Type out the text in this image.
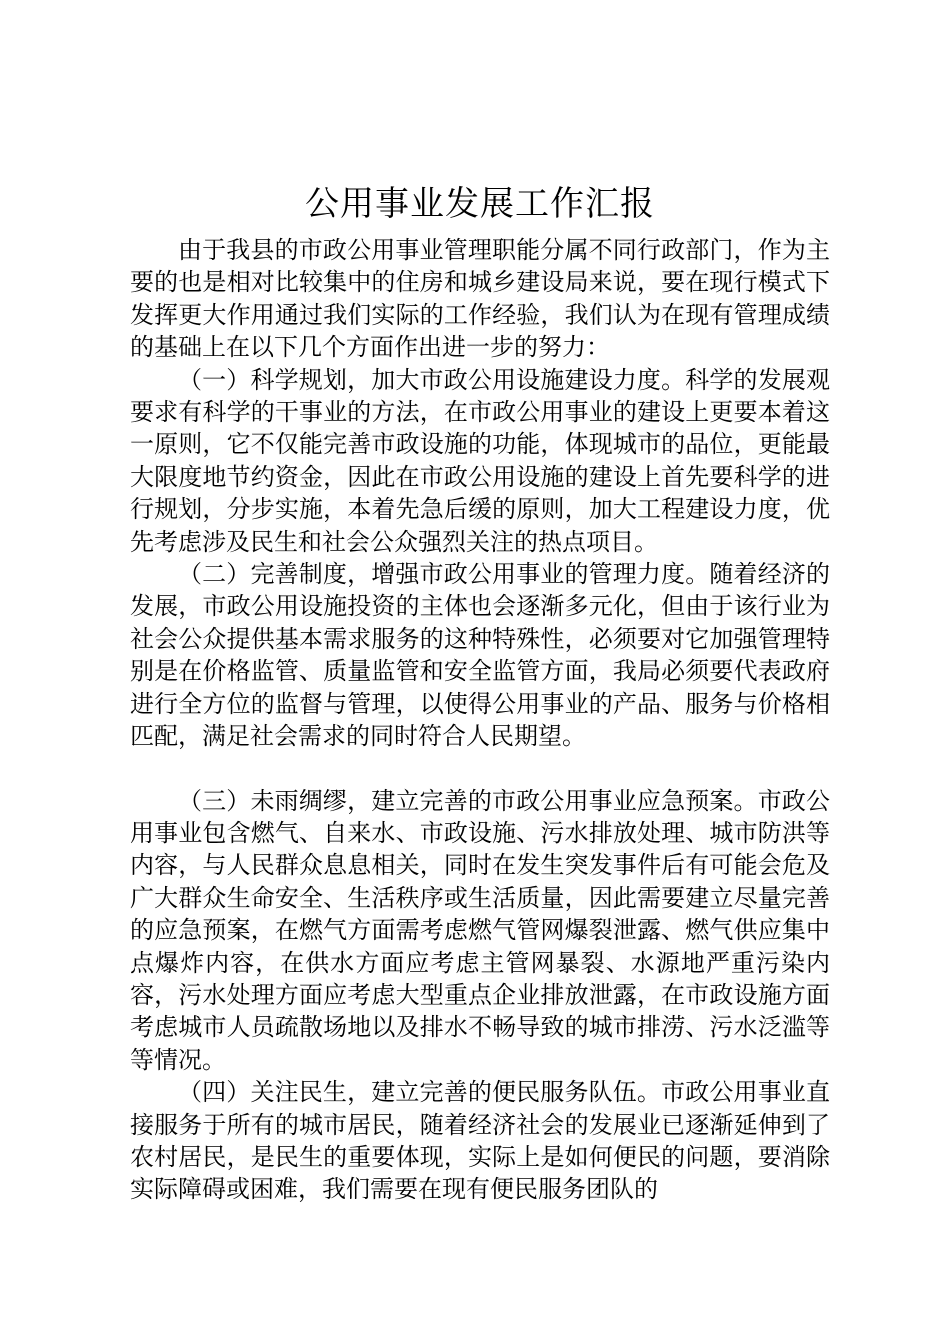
公用事业发展工作汇报

由于我县的市政公用事业管理职能分属不同行政部门，作为主要的也是相对比较集中的住房和城乡建设局来说，要在现行模式下发挥更大作用通过我们实际的工作经验，我们认为在现有管理成绩的基础上在以下几个方面作出进一步的努力：

（一）科学规划，加大市政公用设施建设力度。科学的发展观要求有科学的干事业的方法，在市政公用事业的建设上更要本着这一原则，它不仅能完善市政设施的功能，体现城市的品位，更能最大限度地节约资金，因此在市政公用设施的建设上首先要科学的进行规划，分步实施，本着先急后缓的原则，加大工程建设力度，优先考虑涉及民生和社会公众强烈关注的热点项目。

（二）完善制度，增强市政公用事业的管理力度。随着经济的发展，市政公用设施投资的主体也会逐渐多元化，但由于该行业为社会公众提供基本需求服务的这种特殊性，必须要对它加强管理特别是在价格监管、质量监管和安全监管方面，我局必须要代表政府进行全方位的监督与管理，以使得公用事业的产品、服务与价格相匹配，满足社会需求的同时符合人民期望。

（三）未雨绸缪，建立完善的市政公用事业应急预案。市政公用事业包含燃气、自来水、市政设施、污水排放处理、城市防洪等内容，与人民群众息息相关，同时在发生突发事件后有可能会危及广大群众生命安全、生活秩序或生活质量，因此需要建立尽量完善的应急预案，在燃气方面需考虑燃气管网爆裂泄露、燃气供应集中点爆炸内容，在供水方面应考虑主管网暴裂、水源地严重污染内容，污水处理方面应考虑大型重点企业排放泄露，在市政设施方面考虑城市人员疏散场地以及排水不畅导致的城市排涝、污水泛滥等等情况。

（四）关注民生，建立完善的便民服务队伍。市政公用事业直接服务于所有的城市居民，随着经济社会的发展业已逐渐延伸到了农村居民，是民生的重要体现，实际上是如何便民的问题，要消除实际障碍或困难，我们需要在现有便民服务团队的
